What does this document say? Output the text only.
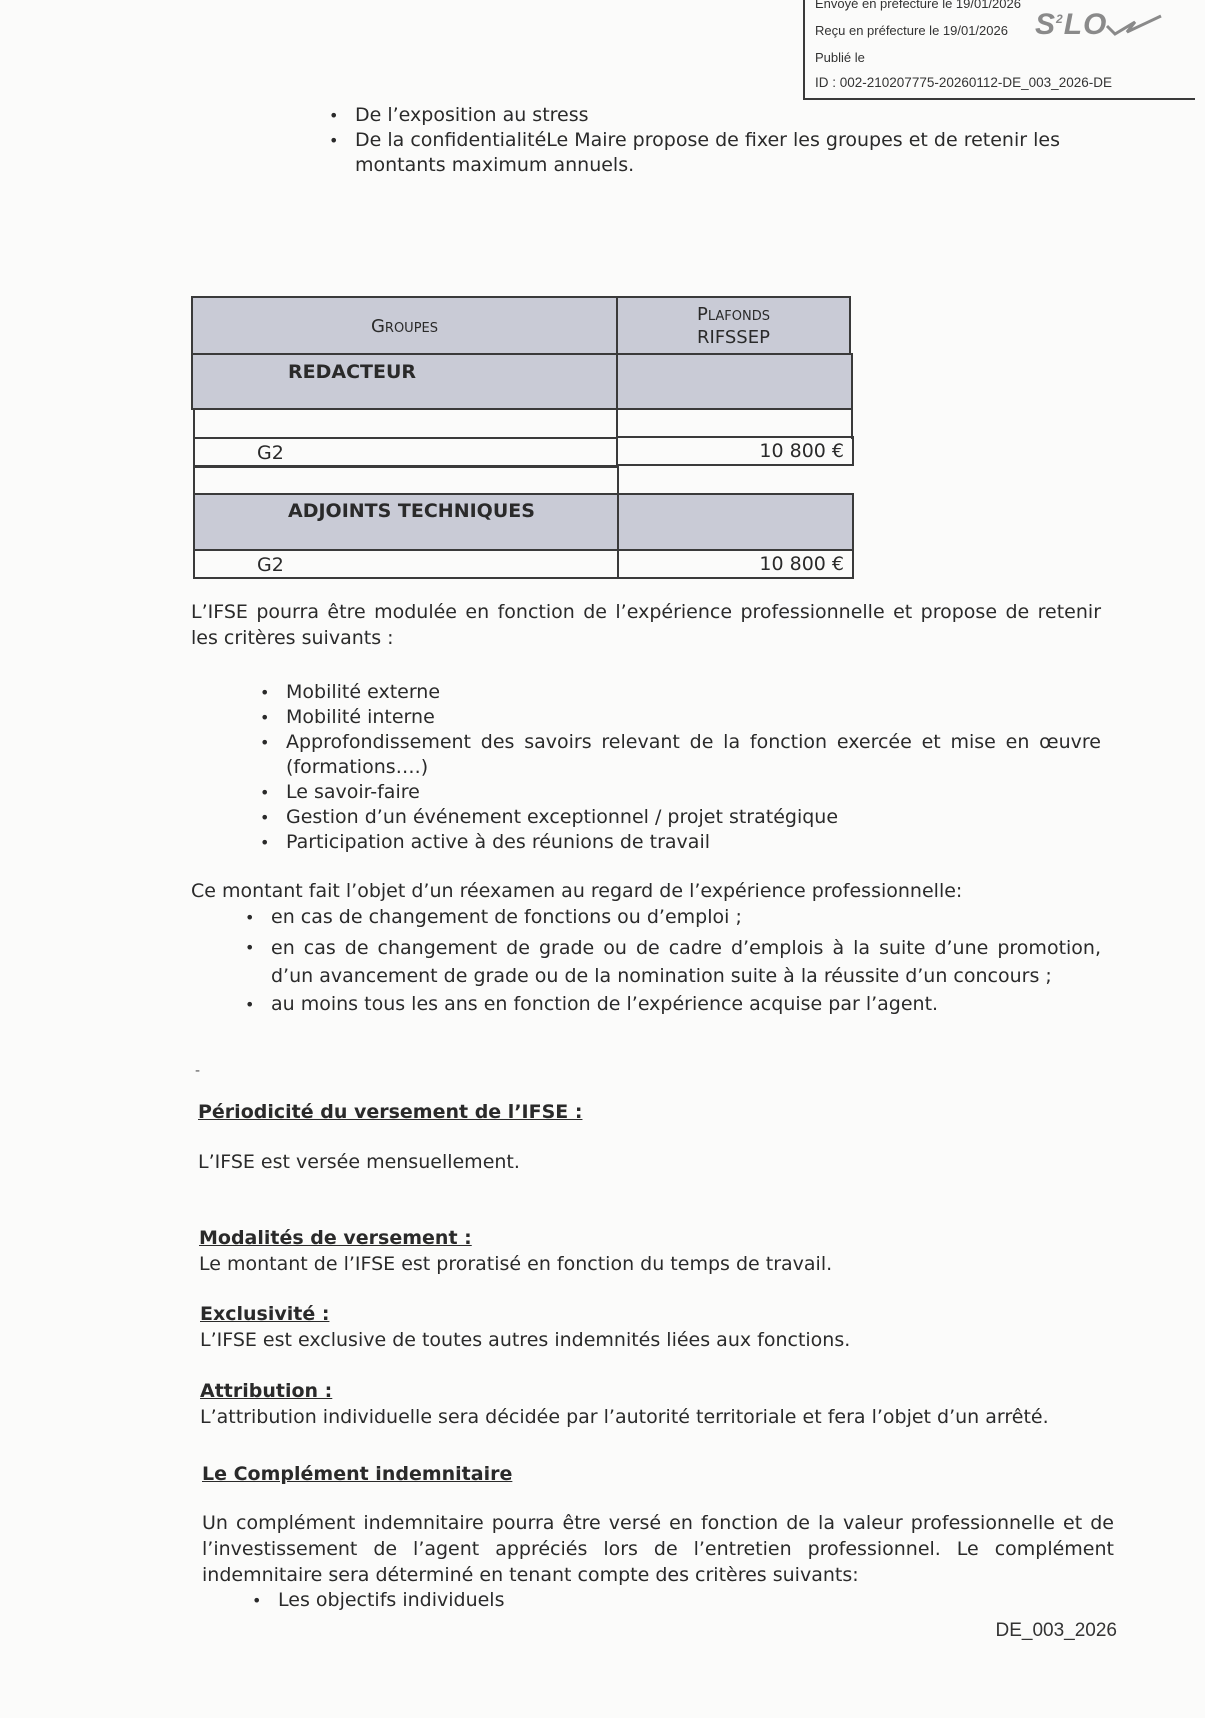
Envoyé en préfecture le 19/01/2026
Reçu en préfecture le 19/01/2026
Publié le
ID : 002-210207775-20260112-DE_003_2026-DE
$S^2LO$
• De l’exposition au stress
• De la confidentialitéLe Maire propose de fixer les groupes et de retenir les montants maximum annuels.
Groupes
Plafonds
RIFSSEP
REDACTEUR
G2	10 800 €
ADJOINTS TECHNIQUES
G2	10 800 €

L’IFSE pourra être modulée en fonction de l’expérience professionnelle et propose de retenir les critères suivants :

• Mobilité externe
• Mobilité interne
• Approfondissement des savoirs relevant de la fonction exercée et mise en œuvre (formations….)
• Le savoir-faire
• Gestion d’un événement exceptionnel / projet stratégique
• Participation active à des réunions de travail

Ce montant fait l’objet d’un réexamen au regard de l’expérience professionnelle:

• en cas de changement de fonctions ou d’emploi ;
• en cas de changement de grade ou de cadre d’emplois à la suite d’une promotion, d’un avancement de grade ou de la nomination suite à la réussite d’un concours ;
• au moins tous les ans en fonction de l’expérience acquise par l’agent.
-
Périodicité du versement de l’IFSE :

L’IFSE est versée mensuellement.

Modalités de versement :

Le montant de l’IFSE est proratisé en fonction du temps de travail.

Exclusivité :

L’IFSE est exclusive de toutes autres indemnités liées aux fonctions.

Attribution :

L’attribution individuelle sera décidée par l’autorité territoriale et fera l’objet d’un arrêté.

Le Complément indemnitaire

Un complément indemnitaire pourra être versé en fonction de la valeur professionnelle et de l’investissement de l’agent appréciés lors de l’entretien professionnel. Le complément indemnitaire sera déterminé en tenant compte des critères suivants:

• Les objectifs individuels
DE_003_2026
